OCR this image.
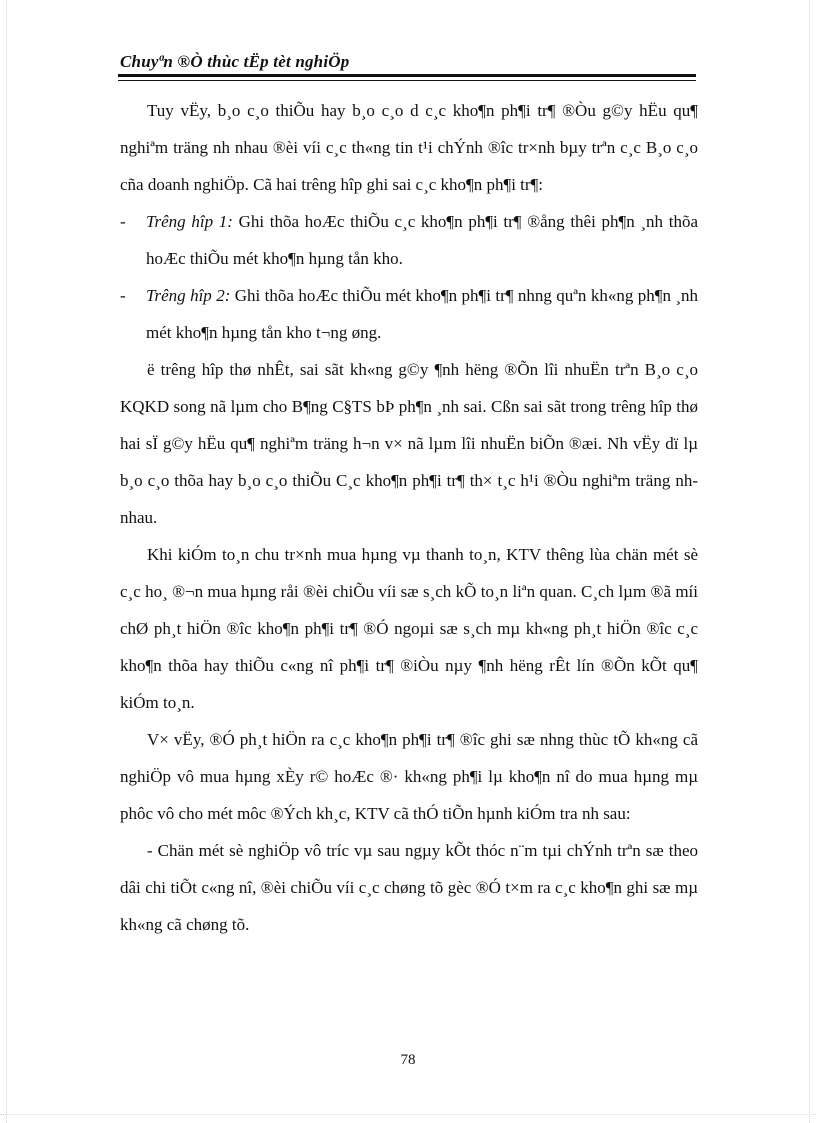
Chuyªn ®Ò thùc tËp tèt nghiÖp

Tuy vËy, b¸o c¸o thiÕu hay b¸o c¸o d c¸c kho¶n ph¶i tr¶ ®Òu g©y hËu qu¶ nghiªm träng nh nhau ®èi víi c¸c th«ng tin t¹i chÝnh ®îc tr×nh bµy trªn c¸c B¸o c¸o cña doanh nghiÖp. Cã hai trêng hîp ghi sai c¸c kho¶n ph¶i tr¶:

-	Trêng hîp 1: Ghi thõa hoÆc thiÕu c¸c kho¶n ph¶i tr¶ ®ång thêi ph¶n ¸nh thõa hoÆc thiÕu mét kho¶n hµng tån kho.
-	Trêng hîp 2: Ghi thõa hoÆc thiÕu mét kho¶n ph¶i tr¶ nhng quªn kh«ng ph¶n ¸nh mét kho¶n hµng tån kho t¬ng øng.

ë trêng hîp thø nhÊt, sai sãt kh«ng g©y ¶nh hëng ®Õn lîi nhuËn trªn B¸o c¸o KQKD song nã lµm cho B¶ng C§TS bÞ ph¶n ¸nh sai. Cßn sai sãt trong trêng hîp thø hai sÏ g©y hËu qu¶ nghiªm träng h¬n v× nã lµm lîi nhuËn biÕn ®æi. Nh vËy dï lµ b¸o c¸o thõa hay b¸o c¸o thiÕu C¸c kho¶n ph¶i tr¶ th× t¸c h¹i ®Òu nghiªm träng nh nhau.

Khi kiÓm to¸n chu tr×nh mua hµng vµ thanh to¸n, KTV thêng lùa chän mét sè c¸c ho¸ ®¬n mua hµng råi ®èi chiÕu víi sæ s¸ch kÕ to¸n liªn quan. C¸ch lµm ®ã míi chØ ph¸t hiÖn ®îc kho¶n ph¶i tr¶ ®Ó ngoµi sæ s¸ch mµ kh«ng ph¸t hiÖn ®îc c¸c kho¶n thõa hay thiÕu c«ng nî ph¶i tr¶ ®iÒu nµy ¶nh hëng rÊt lín ®Õn kÕt qu¶ kiÓm to¸n.

V× vËy, ®Ó ph¸t hiÖn ra c¸c kho¶n ph¶i tr¶ ®îc ghi sæ nhng thùc tÕ kh«ng cã nghiÖp vô mua hµng xÈy r© hoÆc ®· kh«ng ph¶i lµ kho¶n nî do mua hµng mµ phôc vô cho mét môc ®Ých kh¸c, KTV cã thÓ tiÕn hµnh kiÓm tra nh sau:

- Chän mét sè nghiÖp vô tríc vµ sau ngµy kÕt thóc n¨m tµi chÝnh trªn sæ theo dâi chi tiÕt c«ng nî, ®èi chiÕu víi c¸c chøng tõ gèc ®Ó t×m ra c¸c kho¶n ghi sæ mµ kh«ng cã chøng tõ.

78
